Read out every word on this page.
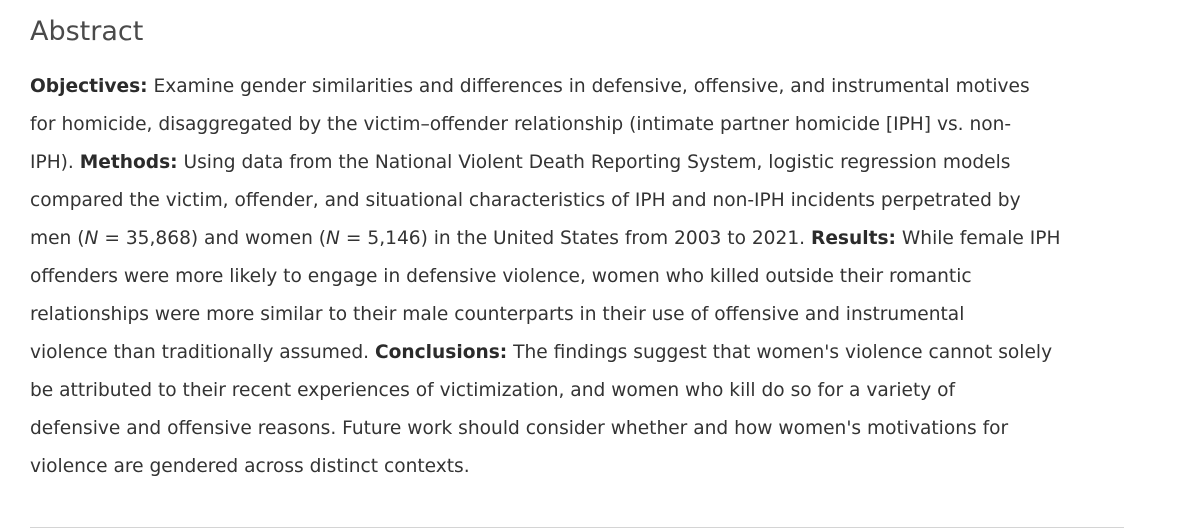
Abstract
Objectives: Examine gender similarities and differences in defensive, offensive, and instrumental motives
for homicide, disaggregated by the victim–offender relationship (intimate partner homicide [IPH] vs. non-
IPH). Methods: Using data from the National Violent Death Reporting System, logistic regression models
compared the victim, offender, and situational characteristics of IPH and non-IPH incidents perpetrated by
men (N = 35,868) and women (N = 5,146) in the United States from 2003 to 2021. Results: While female IPH
offenders were more likely to engage in defensive violence, women who killed outside their romantic
relationships were more similar to their male counterparts in their use of offensive and instrumental
violence than traditionally assumed. Conclusions: The findings suggest that women's violence cannot solely
be attributed to their recent experiences of victimization, and women who kill do so for a variety of
defensive and offensive reasons. Future work should consider whether and how women's motivations for
violence are gendered across distinct contexts.
